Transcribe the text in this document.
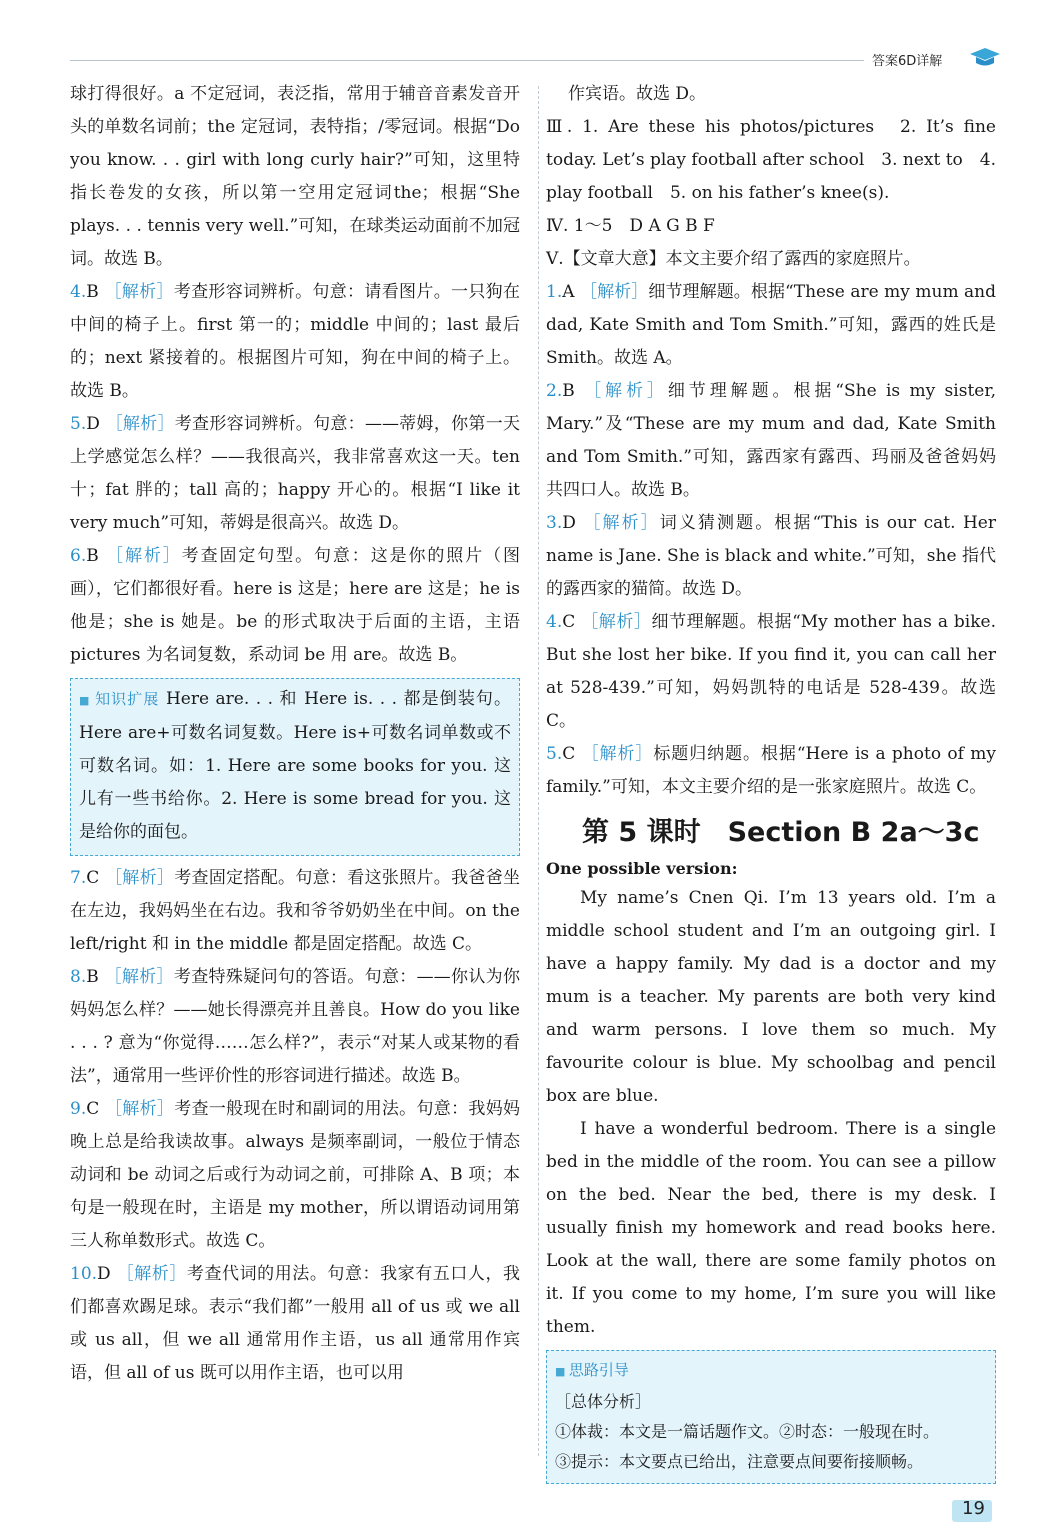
答案6D详解

球打得很好。a 不定冠词，表泛指，常用于辅音音素发音开头的单数名词前；the 定冠词，表特指；/零冠词。根据“Do you know. . . girl with long curly hair?”可知，这里特指长卷发的女孩，所以第一空用定冠词the；根据“She plays. . . tennis very well.”可知，在球类运动面前不加冠词。故选 B。

4.B ［解析］考查形容词辨析。句意：请看图片。一只狗在中间的椅子上。first 第一的；middle 中间的；last 最后的；next 紧接着的。根据图片可知，狗在中间的椅子上。故选 B。

5.D ［解析］考查形容词辨析。句意：——蒂姆，你第一天上学感觉怎么样？——我很高兴，我非常喜欢这一天。ten 十；fat 胖的；tall 高的；happy 开心的。根据“I like it very much”可知，蒂姆是很高兴。故选 D。

6.B ［解析］考查固定句型。句意：这是你的照片（图画），它们都很好看。here is 这是；here are 这是；he is 他是；she is 她是。be 的形式取决于后面的主语，主语 pictures 为名词复数，系动词 be 用 are。故选 B。

■ 知识扩展 Here are. . . 和 Here is. . . 都是倒装句。Here are+可数名词复数。Here is+可数名词单数或不可数名词。如：1. Here are some books for you. 这儿有一些书给你。2. Here is some bread for you. 这是给你的面包。

7.C ［解析］考查固定搭配。句意：看这张照片。我爸爸坐在左边，我妈妈坐在右边。我和爷爷奶奶坐在中间。on the left/right 和 in the middle 都是固定搭配。故选 C。

8.B ［解析］考查特殊疑问句的答语。句意：——你认为你妈妈怎么样？——她长得漂亮并且善良。How do you like . . . ? 意为“你觉得……怎么样?”，表示“对某人或某物的看法”，通常用一些评价性的形容词进行描述。故选 B。

9.C ［解析］考查一般现在时和副词的用法。句意：我妈妈晚上总是给我读故事。always 是频率副词，一般位于情态动词和 be 动词之后或行为动词之前，可排除 A、B 项；本句是一般现在时，主语是 my mother，所以谓语动词用第三人称单数形式。故选 C。

10.D ［解析］考查代词的用法。句意：我家有五口人，我们都喜欢踢足球。表示“我们都”一般用 all of us 或 we all 或 us all，但 we all 通常用作主语，us all 通常用作宾语，但 all of us 既可以用作主语，也可以用

作宾语。故选 D。

Ⅲ. 1. Are these his photos/pictures　2. It’s fine today. Let’s play football after school　3. next to　4. play football　5. on his father’s knee(s).

Ⅳ. 1～5　D A G B F

Ⅴ.【文章大意】本文主要介绍了露西的家庭照片。

1.A ［解析］细节理解题。根据“These are my mum and dad, Kate Smith and Tom Smith.”可知，露西的姓氏是 Smith。故选 A。

2.B ［解析］细节理解题。根据“She is my sister, Mary.”及“These are my mum and dad, Kate Smith and Tom Smith.”可知，露西家有露西、玛丽及爸爸妈妈共四口人。故选 B。

3.D ［解析］词义猜测题。根据“This is our cat. Her name is Jane. She is black and white.”可知，she 指代的露西家的猫简。故选 D。

4.C ［解析］细节理解题。根据“My mother has a bike. But she lost her bike. If you find it, you can call her at 528-439.”可知，妈妈凯特的电话是 528-439。故选 C。

5.C ［解析］标题归纳题。根据“Here is a photo of my family.”可知，本文主要介绍的是一张家庭照片。故选 C。

第 5 课时　Section B 2a～3c
One possible version:

My name’s Cnen Qi. I’m 13 years old. I’m a middle school student and I’m an outgoing girl. I have a happy family. My dad is a doctor and my mum is a teacher. My parents are both very kind and warm persons. I love them so much. My favourite colour is blue. My schoolbag and pencil box are blue.

I have a wonderful bedroom. There is a single bed in the middle of the room. You can see a pillow on the bed. Near the bed, there is my desk. I usually finish my homework and read books here. Look at the wall, there are some family photos on it. If you come to my home, I’m sure you will like them.

■ 思路引导
［总体分析］
①体裁：本文是一篇话题作文。②时态：一般现在时。
③提示：本文要点已给出，注意要点间要衔接顺畅。
19
